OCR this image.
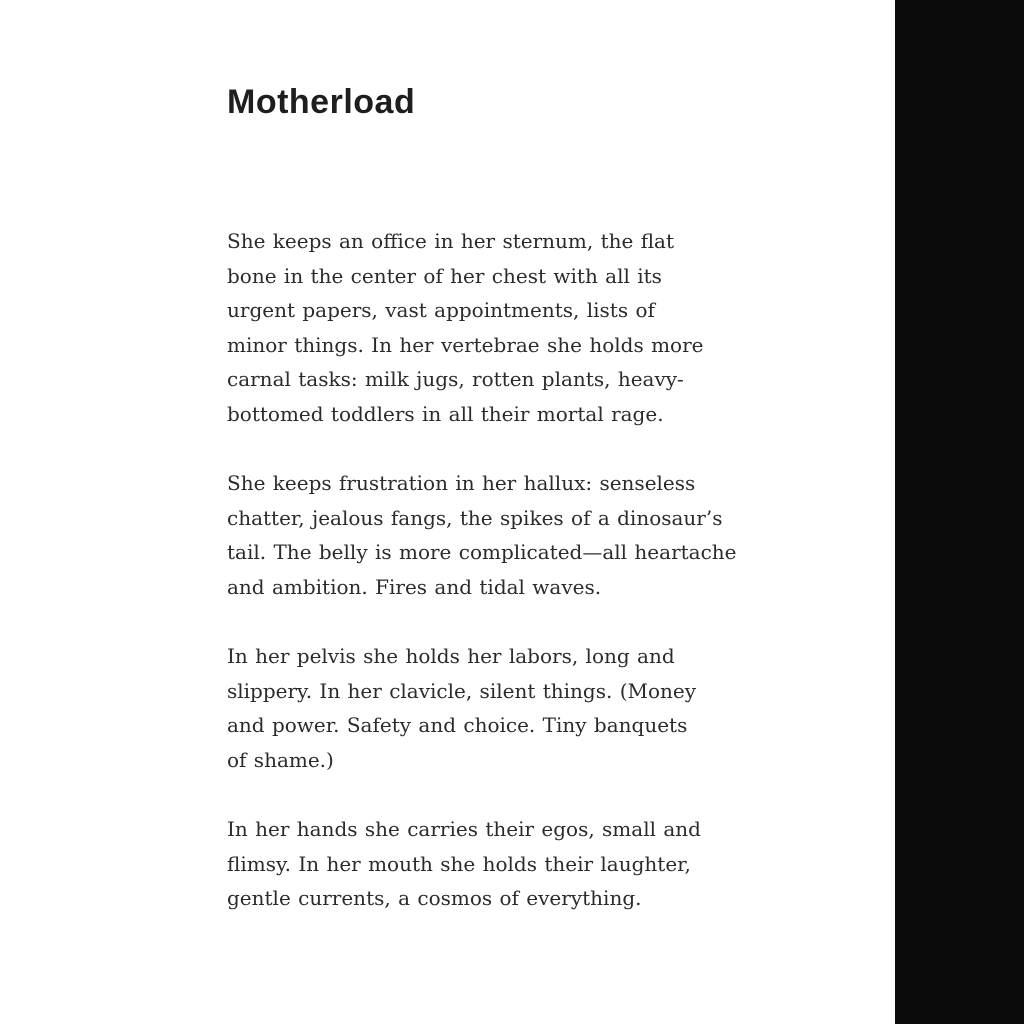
Motherload
She keeps an office in her sternum, the flat
bone in the center of her chest with all its
urgent papers, vast appointments, lists of
minor things. In her vertebrae she holds more
carnal tasks: milk jugs, rotten plants, heavy-
bottomed toddlers in all their mortal rage.
She keeps frustration in her hallux: senseless
chatter, jealous fangs, the spikes of a dinosaur’s
tail. The belly is more complicated—all heartache
and ambition. Fires and tidal waves.
In her pelvis she holds her labors, long and
slippery. In her clavicle, silent things. (Money
and power. Safety and choice. Tiny banquets
of shame.)
In her hands she carries their egos, small and
flimsy. In her mouth she holds their laughter,
gentle currents, a cosmos of everything.
